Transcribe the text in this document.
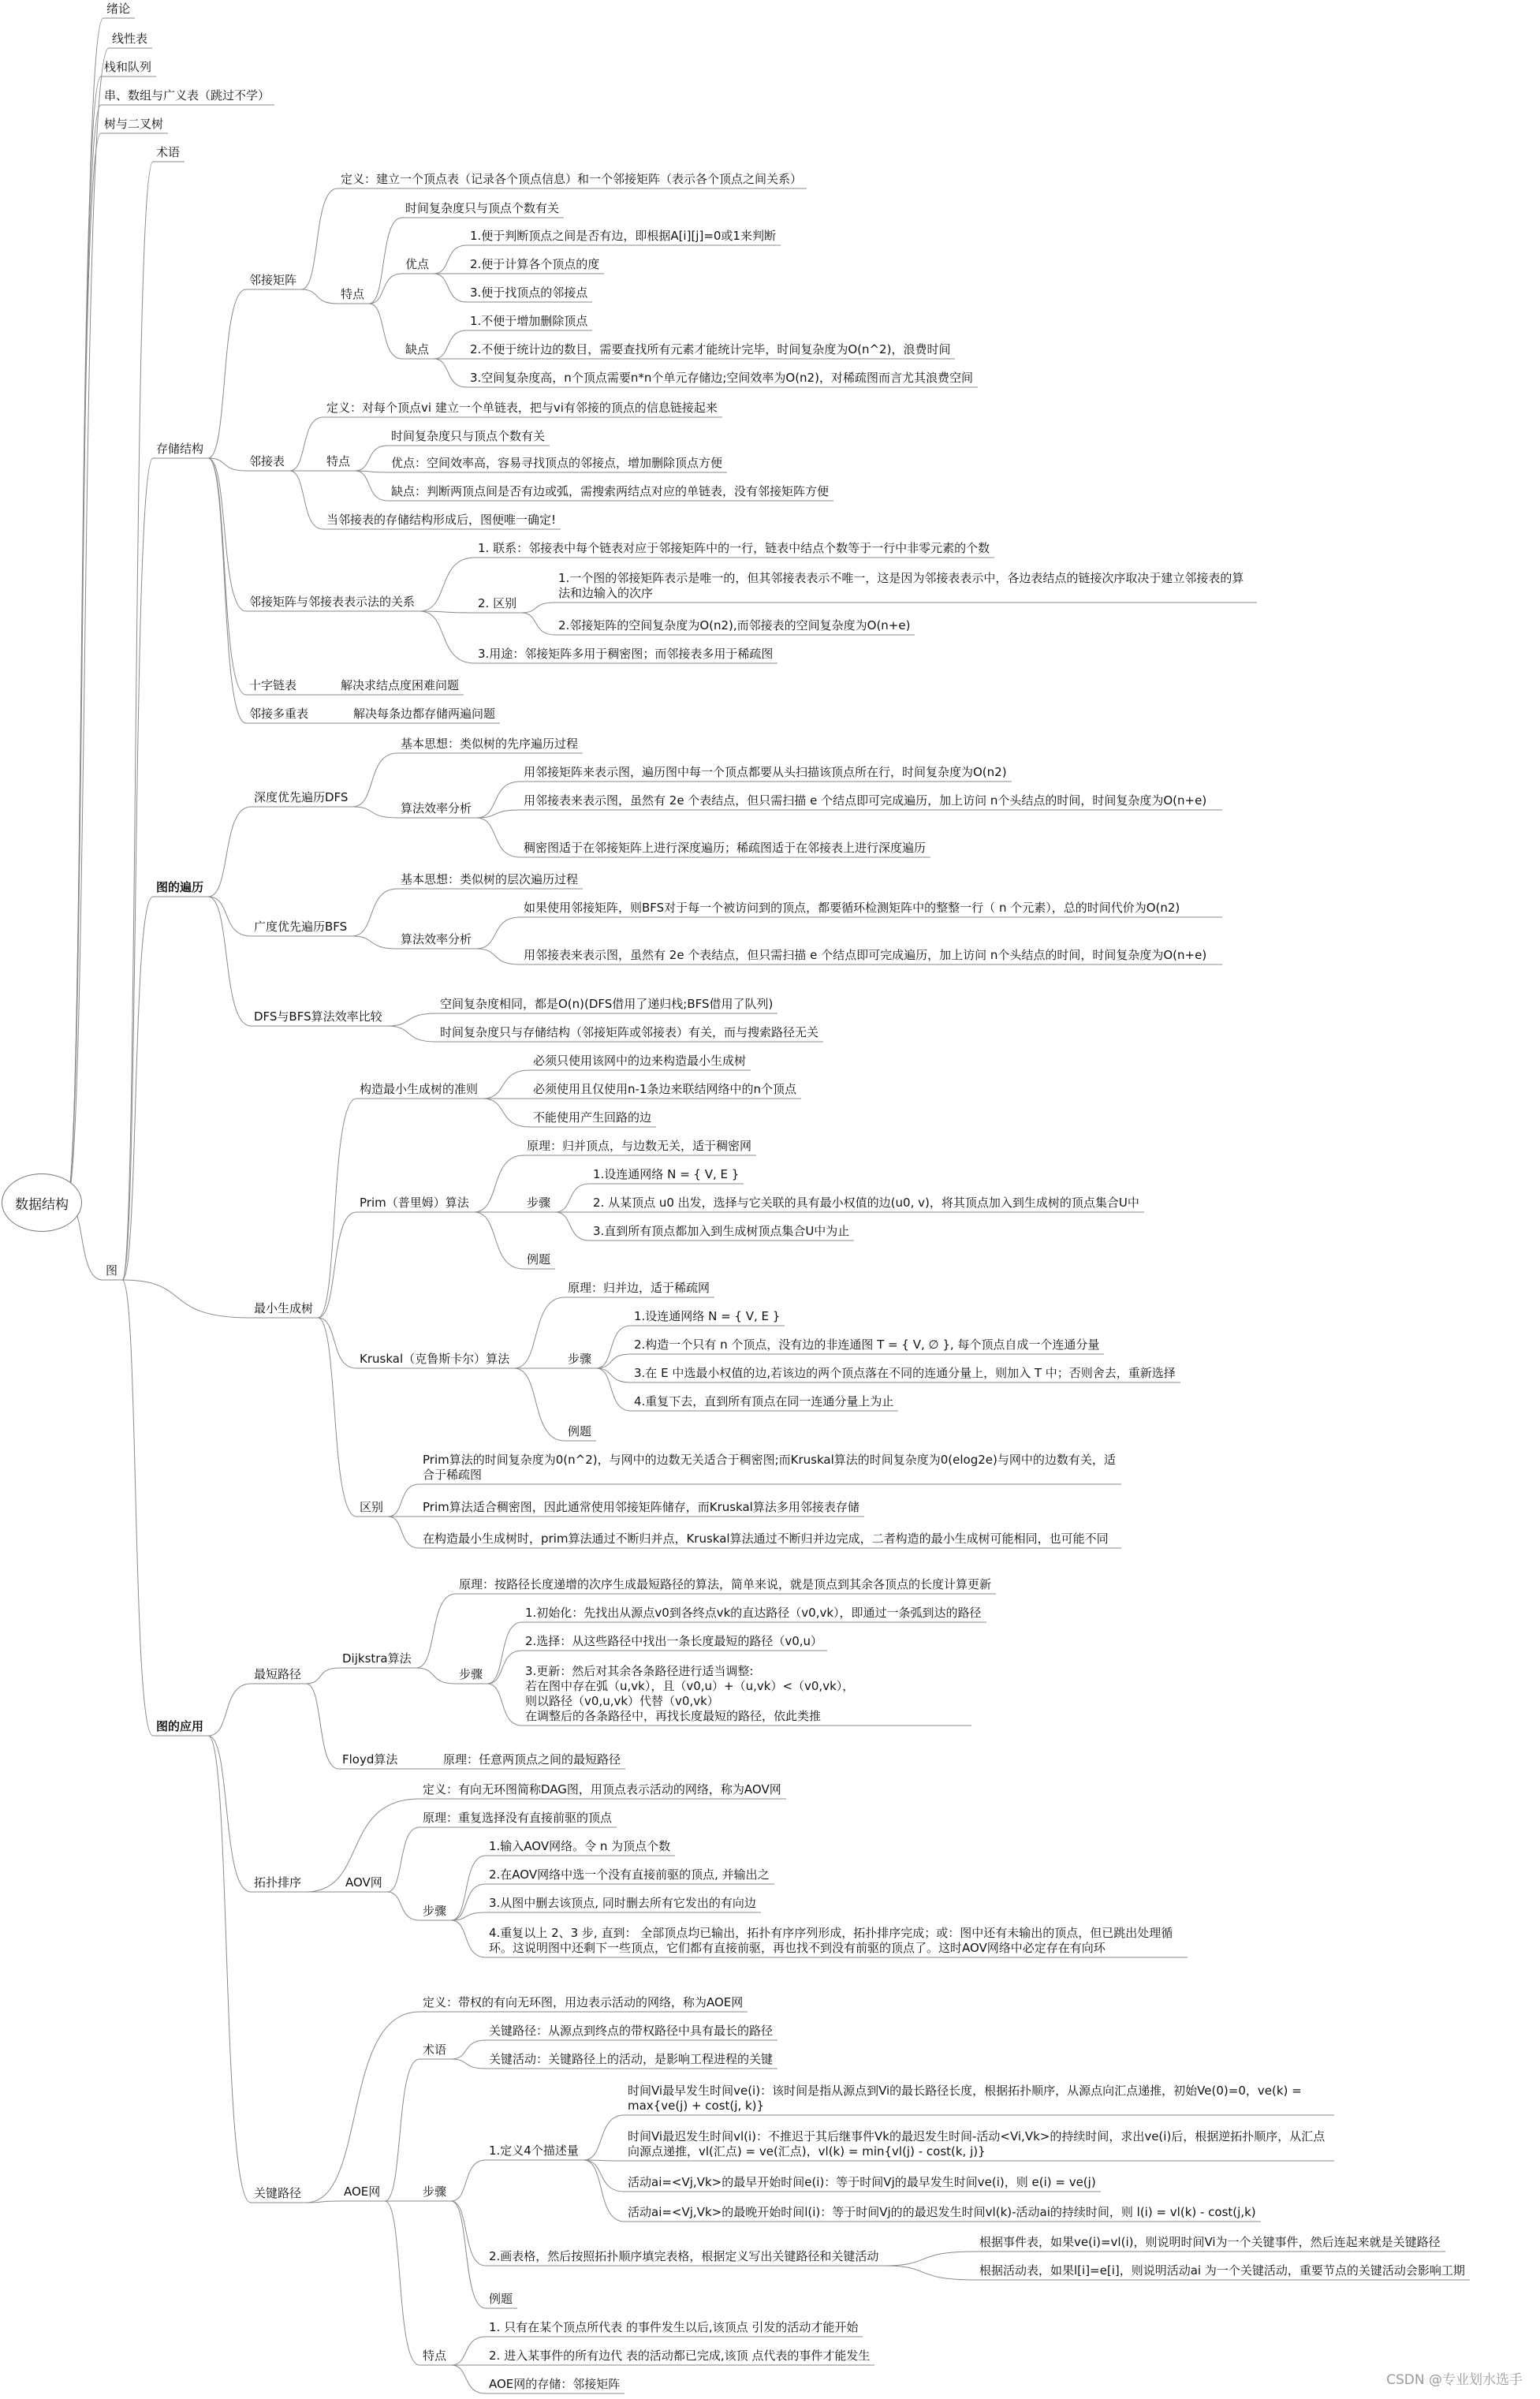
数据结构
绪论
线性表
栈和队列
串、数组与广义表（跳过不学）
树与二叉树
图
术语
存储结构
邻接矩阵
定义：建立一个顶点表（记录各个顶点信息）和一个邻接矩阵（表示各个顶点之间关系）
特点
时间复杂度只与顶点个数有关
优点
1.便于判断顶点之间是否有边，即根据A[i][j]=0或1来判断
2.便于计算各个顶点的度
3.便于找顶点的邻接点
缺点
1.不便于增加删除顶点
2.不便于统计边的数目，需要查找所有元素才能统计完毕，时间复杂度为O(n^2)，浪费时间
3.空间复杂度高，n个顶点需要n*n个单元存储边;空间效率为O(n2)，对稀疏图而言尤其浪费空间
邻接表
定义：对每个顶点vi 建立一个单链表，把与vi有邻接的顶点的信息链接起来
特点
时间复杂度只与顶点个数有关
优点：空间效率高，容易寻找顶点的邻接点，增加删除顶点方便
缺点：判断两顶点间是否有边或弧，需搜索两结点对应的单链表，没有邻接矩阵方便
当邻接表的存储结构形成后，图便唯一确定!
邻接矩阵与邻接表表示法的关系
1. 联系：邻接表中每个链表对应于邻接矩阵中的一行，链表中结点个数等于一行中非零元素的个数
2. 区别
1.一个图的邻接矩阵表示是唯一的，但其邻接表表示不唯一，这是因为邻接表表示中，各边表结点的链接次序取决于建立邻接表的算法和边输入的次序
2.邻接矩阵的空间复杂度为O(n2),而邻接表的空间复杂度为O(n+e)
3.用途：邻接矩阵多用于稠密图；而邻接表多用于稀疏图
十字链表	解决求结点度困难问题
邻接多重表	解决每条边都存储两遍问题
图的遍历
深度优先遍历DFS
基本思想：类似树的先序遍历过程
算法效率分析
用邻接矩阵来表示图，遍历图中每一个顶点都要从头扫描该顶点所在行，时间复杂度为O(n2)
用邻接表来表示图，虽然有 2e 个表结点，但只需扫描 e 个结点即可完成遍历，加上访问 n个头结点的时间，时间复杂度为O(n+e)
稠密图适于在邻接矩阵上进行深度遍历；稀疏图适于在邻接表上进行深度遍历
广度优先遍历BFS
基本思想：类似树的层次遍历过程
算法效率分析
如果使用邻接矩阵，则BFS对于每一个被访问到的顶点，都要循环检测矩阵中的整整一行（ n 个元素），总的时间代价为O(n2)
用邻接表来表示图，虽然有 2e 个表结点，但只需扫描 e 个结点即可完成遍历，加上访问 n个头结点的时间，时间复杂度为O(n+e)
DFS与BFS算法效率比较
空间复杂度相同，都是O(n)(DFS借用了递归栈;BFS借用了队列)
时间复杂度只与存储结构（邻接矩阵或邻接表）有关，而与搜索路径无关
最小生成树
构造最小生成树的准则
必须只使用该网中的边来构造最小生成树
必须使用且仅使用n-1条边来联结网络中的n个顶点
不能使用产生回路的边
Prim（普里姆）算法
原理：归并顶点，与边数无关，适于稠密网
步骤
1.设连通网络 N = { V, E }
2. 从某顶点 u0 出发，选择与它关联的具有最小权值的边(u0, v)，将其顶点加入到生成树的顶点集合U中
3.直到所有顶点都加入到生成树顶点集合U中为止
例题
Kruskal（克鲁斯卡尔）算法
原理：归并边，适于稀疏网
步骤
1.设连通网络 N = { V, E }
2.构造一个只有 n 个顶点，没有边的非连通图 T = { V, ∅ }, 每个顶点自成一个连通分量
3.在 E 中选最小权值的边,若该边的两个顶点落在不同的连通分量上，则加入 T 中；否则舍去，重新选择
4.重复下去，直到所有顶点在同一连通分量上为止
例题
区别
Prim算法的时间复杂度为0(n^2)，与网中的边数无关适合于稠密图;而Kruskal算法的时间复杂度为0(elog2e)与网中的边数有关，适合于稀疏图
Prim算法适合稠密图，因此通常使用邻接矩阵储存，而Kruskal算法多用邻接表存储
在构造最小生成树时，prim算法通过不断归并点，Kruskal算法通过不断归并边完成，二者构造的最小生成树可能相同，也可能不同
图的应用
最短路径
Dijkstra算法
原理：按路径长度递增的次序生成最短路径的算法，简单来说，就是顶点到其余各顶点的长度计算更新
步骤
1.初始化：先找出从源点v0到各终点vk的直达路径（v0,vk），即通过一条弧到达的路径
2.选择：从这些路径中找出一条长度最短的路径（v0,u）
3.更新：然后对其余各条路径进行适当调整:
若在图中存在弧（u,vk），且（v0,u）+（u,vk）<（v0,vk），
则以路径（v0,u,vk）代替（v0,vk）
在调整后的各条路径中，再找长度最短的路径，依此类推
Floyd算法	原理：任意两顶点之间的最短路径
拓扑排序
定义：有向无环图简称DAG图，用顶点表示活动的网络，称为AOV网
AOV网
原理：重复选择没有直接前驱的顶点
步骤
1.输入AOV网络。令 n 为顶点个数
2.在AOV网络中选一个没有直接前驱的顶点, 并输出之
3.从图中删去该顶点, 同时删去所有它发出的有向边
4.重复以上 2、3 步, 直到： 全部顶点均已输出，拓扑有序序列形成，拓扑排序完成；或：图中还有未输出的顶点，但已跳出处理循环。这说明图中还剩下一些顶点，它们都有直接前驱，再也找不到没有前驱的顶点了。这时AOV网络中必定存在有向环
关键路径
定义：带权的有向无环图，用边表示活动的网络，称为AOE网
AOE网
术语
关键路径：从源点到终点的带权路径中具有最长的路径
关键活动：关键路径上的活动，是影响工程进程的关键
步骤
1.定义4个描述量
时间Vi最早发生时间ve(i)：该时间是指从源点到Vi的最长路径长度，根据拓扑顺序，从源点向汇点递推，初始Ve(0)=0，ve(k) = max{ve(j) + cost(j, k)}
时间Vi最迟发生时间vl(i)：不推迟于其后继事件Vk的最迟发生时间-活动<Vi,Vk>的持续时间，求出ve(i)后，根据逆拓扑顺序，从汇点向源点递推，vl(汇点) = ve(汇点)，vl(k) = min{vl(j) - cost(k, j)}
活动ai=<Vj,Vk>的最早开始时间e(i)：等于时间Vj的最早发生时间ve(i)，则 e(i) = ve(j)
活动ai=<Vj,Vk>的最晚开始时间l(i)：等于时间Vj的的最迟发生时间vl(k)-活动ai的持续时间，则 l(i) = vl(k) - cost(j,k)
2.画表格，然后按照拓扑顺序填完表格，根据定义写出关键路径和关键活动
根据事件表，如果ve(i)=vl(i)，则说明时间Vi为一个关键事件，然后连起来就是关键路径
根据活动表，如果l[i]=e[i]，则说明活动ai 为一个关键活动，重要节点的关键活动会影响工期
例题
特点
1. 只有在某个顶点所代表 的事件发生以后,该顶点 引发的活动才能开始
2. 进入某事件的所有边代 表的活动都已完成,该顶 点代表的事件才能发生
AOE网的存储：邻接矩阵	CSDN @专业划水选手
